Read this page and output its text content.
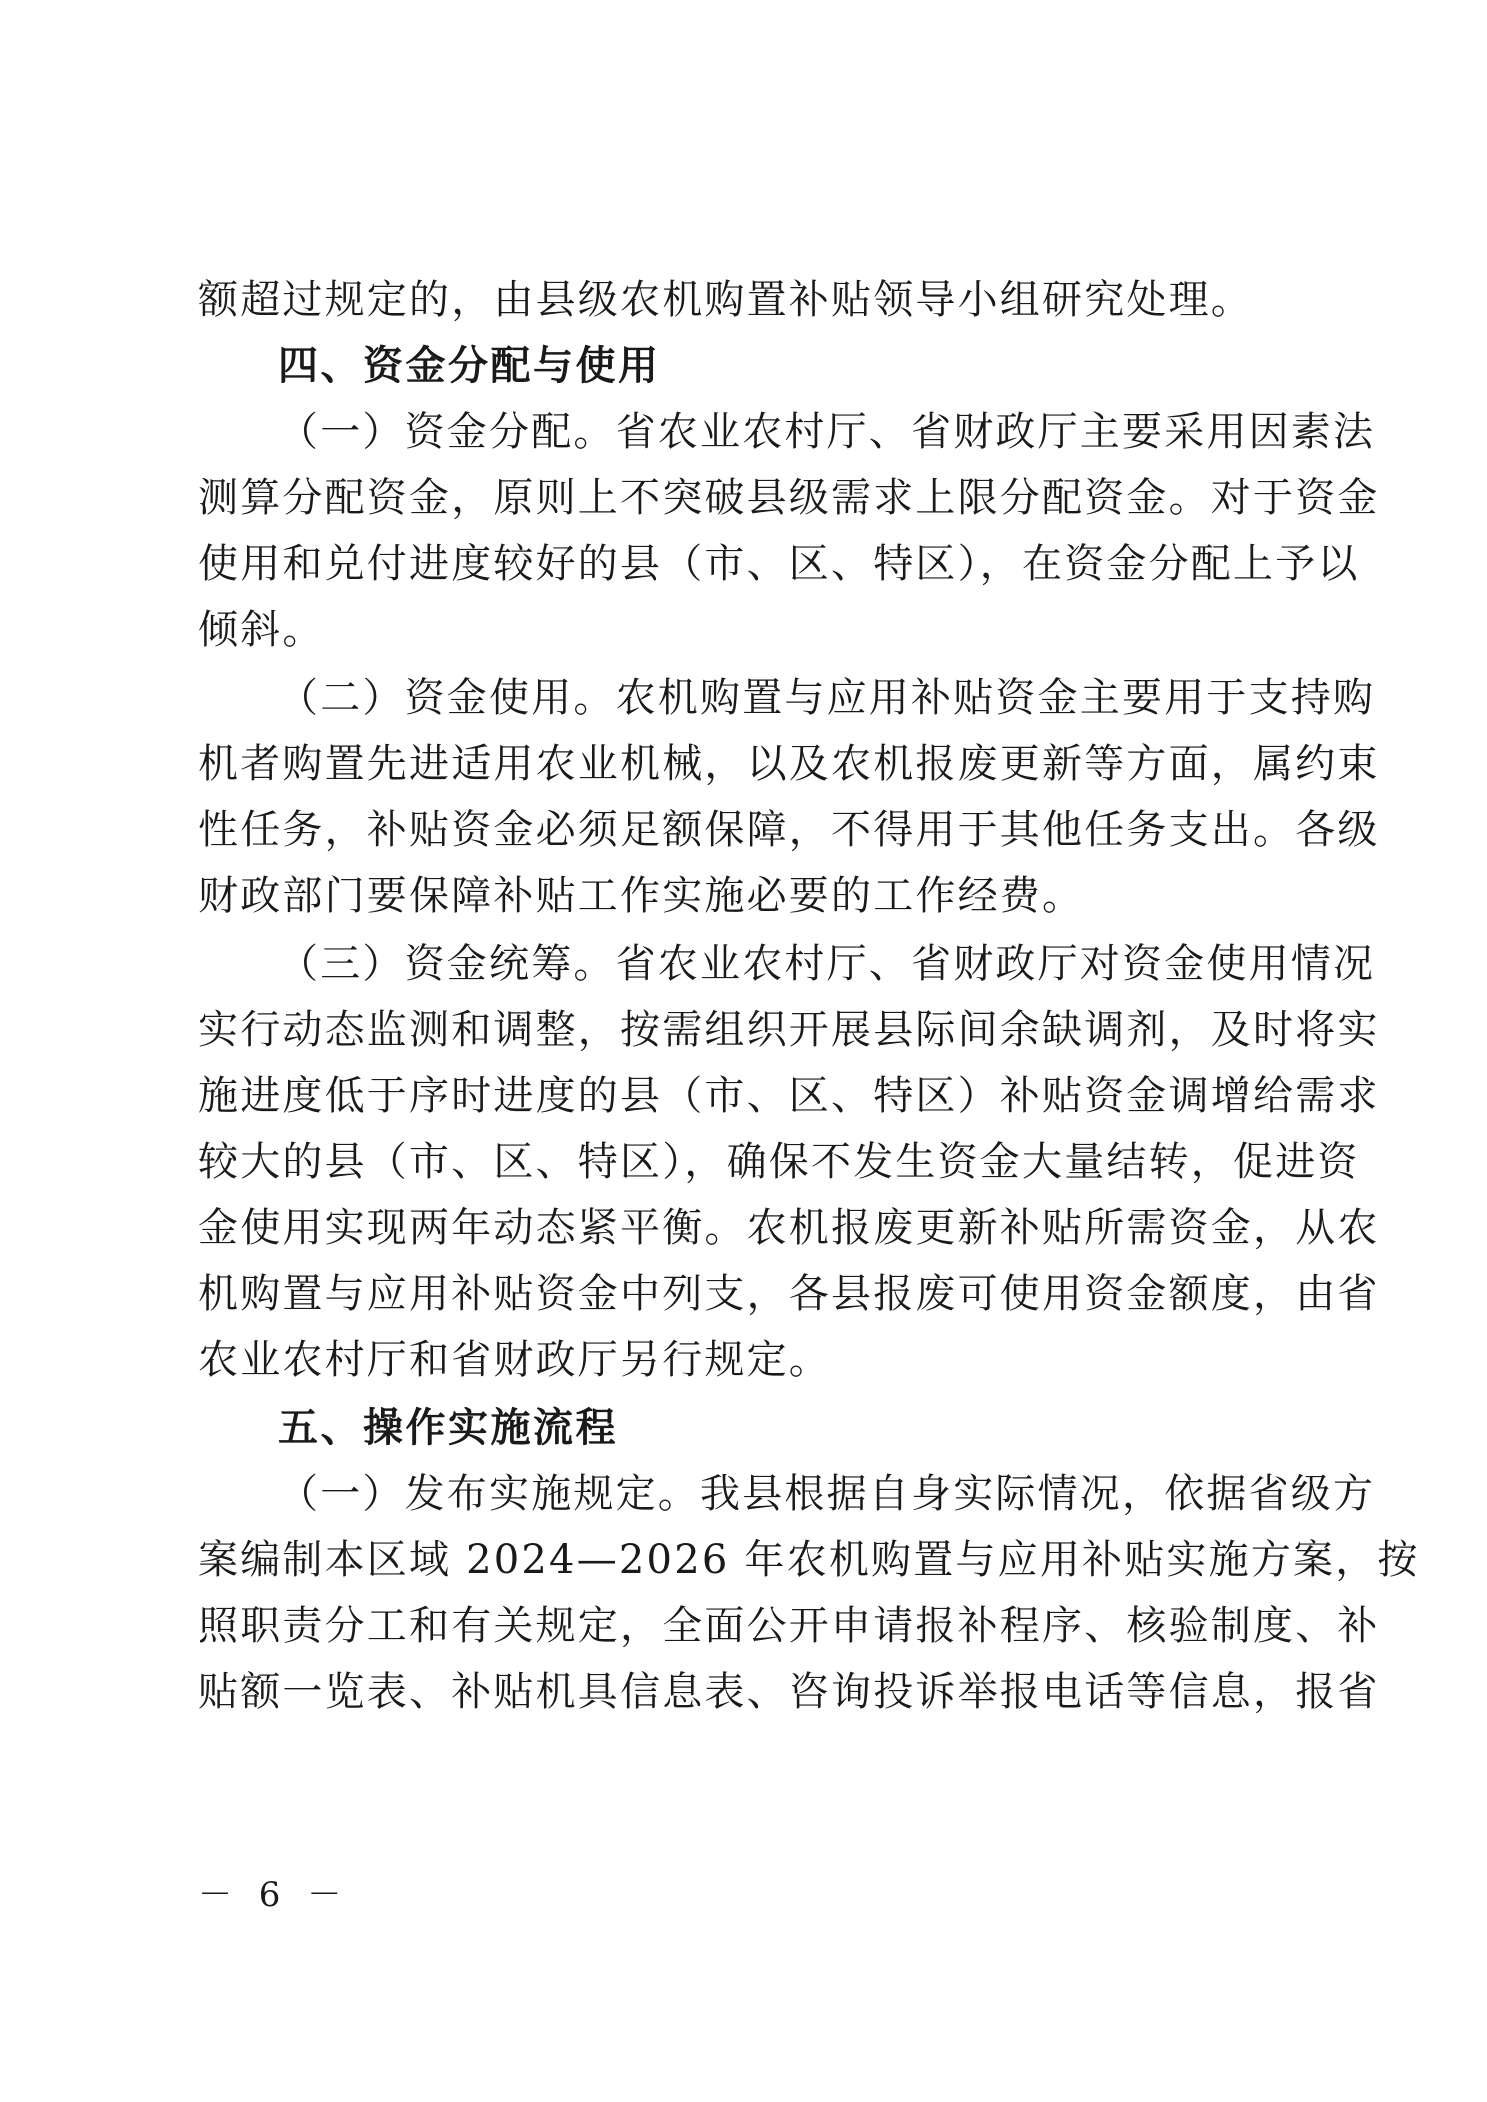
额超过规定的，由县级农机购置补贴领导小组研究处理。
四、资金分配与使用
（一）资金分配。省农业农村厅、省财政厅主要采用因素法
测算分配资金，原则上不突破县级需求上限分配资金。对于资金
使用和兑付进度较好的县（市、区、特区），在资金分配上予以
倾斜。
（二）资金使用。农机购置与应用补贴资金主要用于支持购
机者购置先进适用农业机械，以及农机报废更新等方面，属约束
性任务，补贴资金必须足额保障，不得用于其他任务支出。各级
财政部门要保障补贴工作实施必要的工作经费。
（三）资金统筹。省农业农村厅、省财政厅对资金使用情况
实行动态监测和调整，按需组织开展县际间余缺调剂，及时将实
施进度低于序时进度的县（市、区、特区）补贴资金调增给需求
较大的县（市、区、特区），确保不发生资金大量结转，促进资
金使用实现两年动态紧平衡。农机报废更新补贴所需资金，从农
机购置与应用补贴资金中列支，各县报废可使用资金额度，由省
农业农村厅和省财政厅另行规定。
五、操作实施流程
（一）发布实施规定。我县根据自身实际情况，依据省级方
案编制本区域 2024—2026 年农机购置与应用补贴实施方案，按
照职责分工和有关规定，全面公开申请报补程序、核验制度、补
贴额一览表、补贴机具信息表、咨询投诉举报电话等信息，报省
－ 6 －
